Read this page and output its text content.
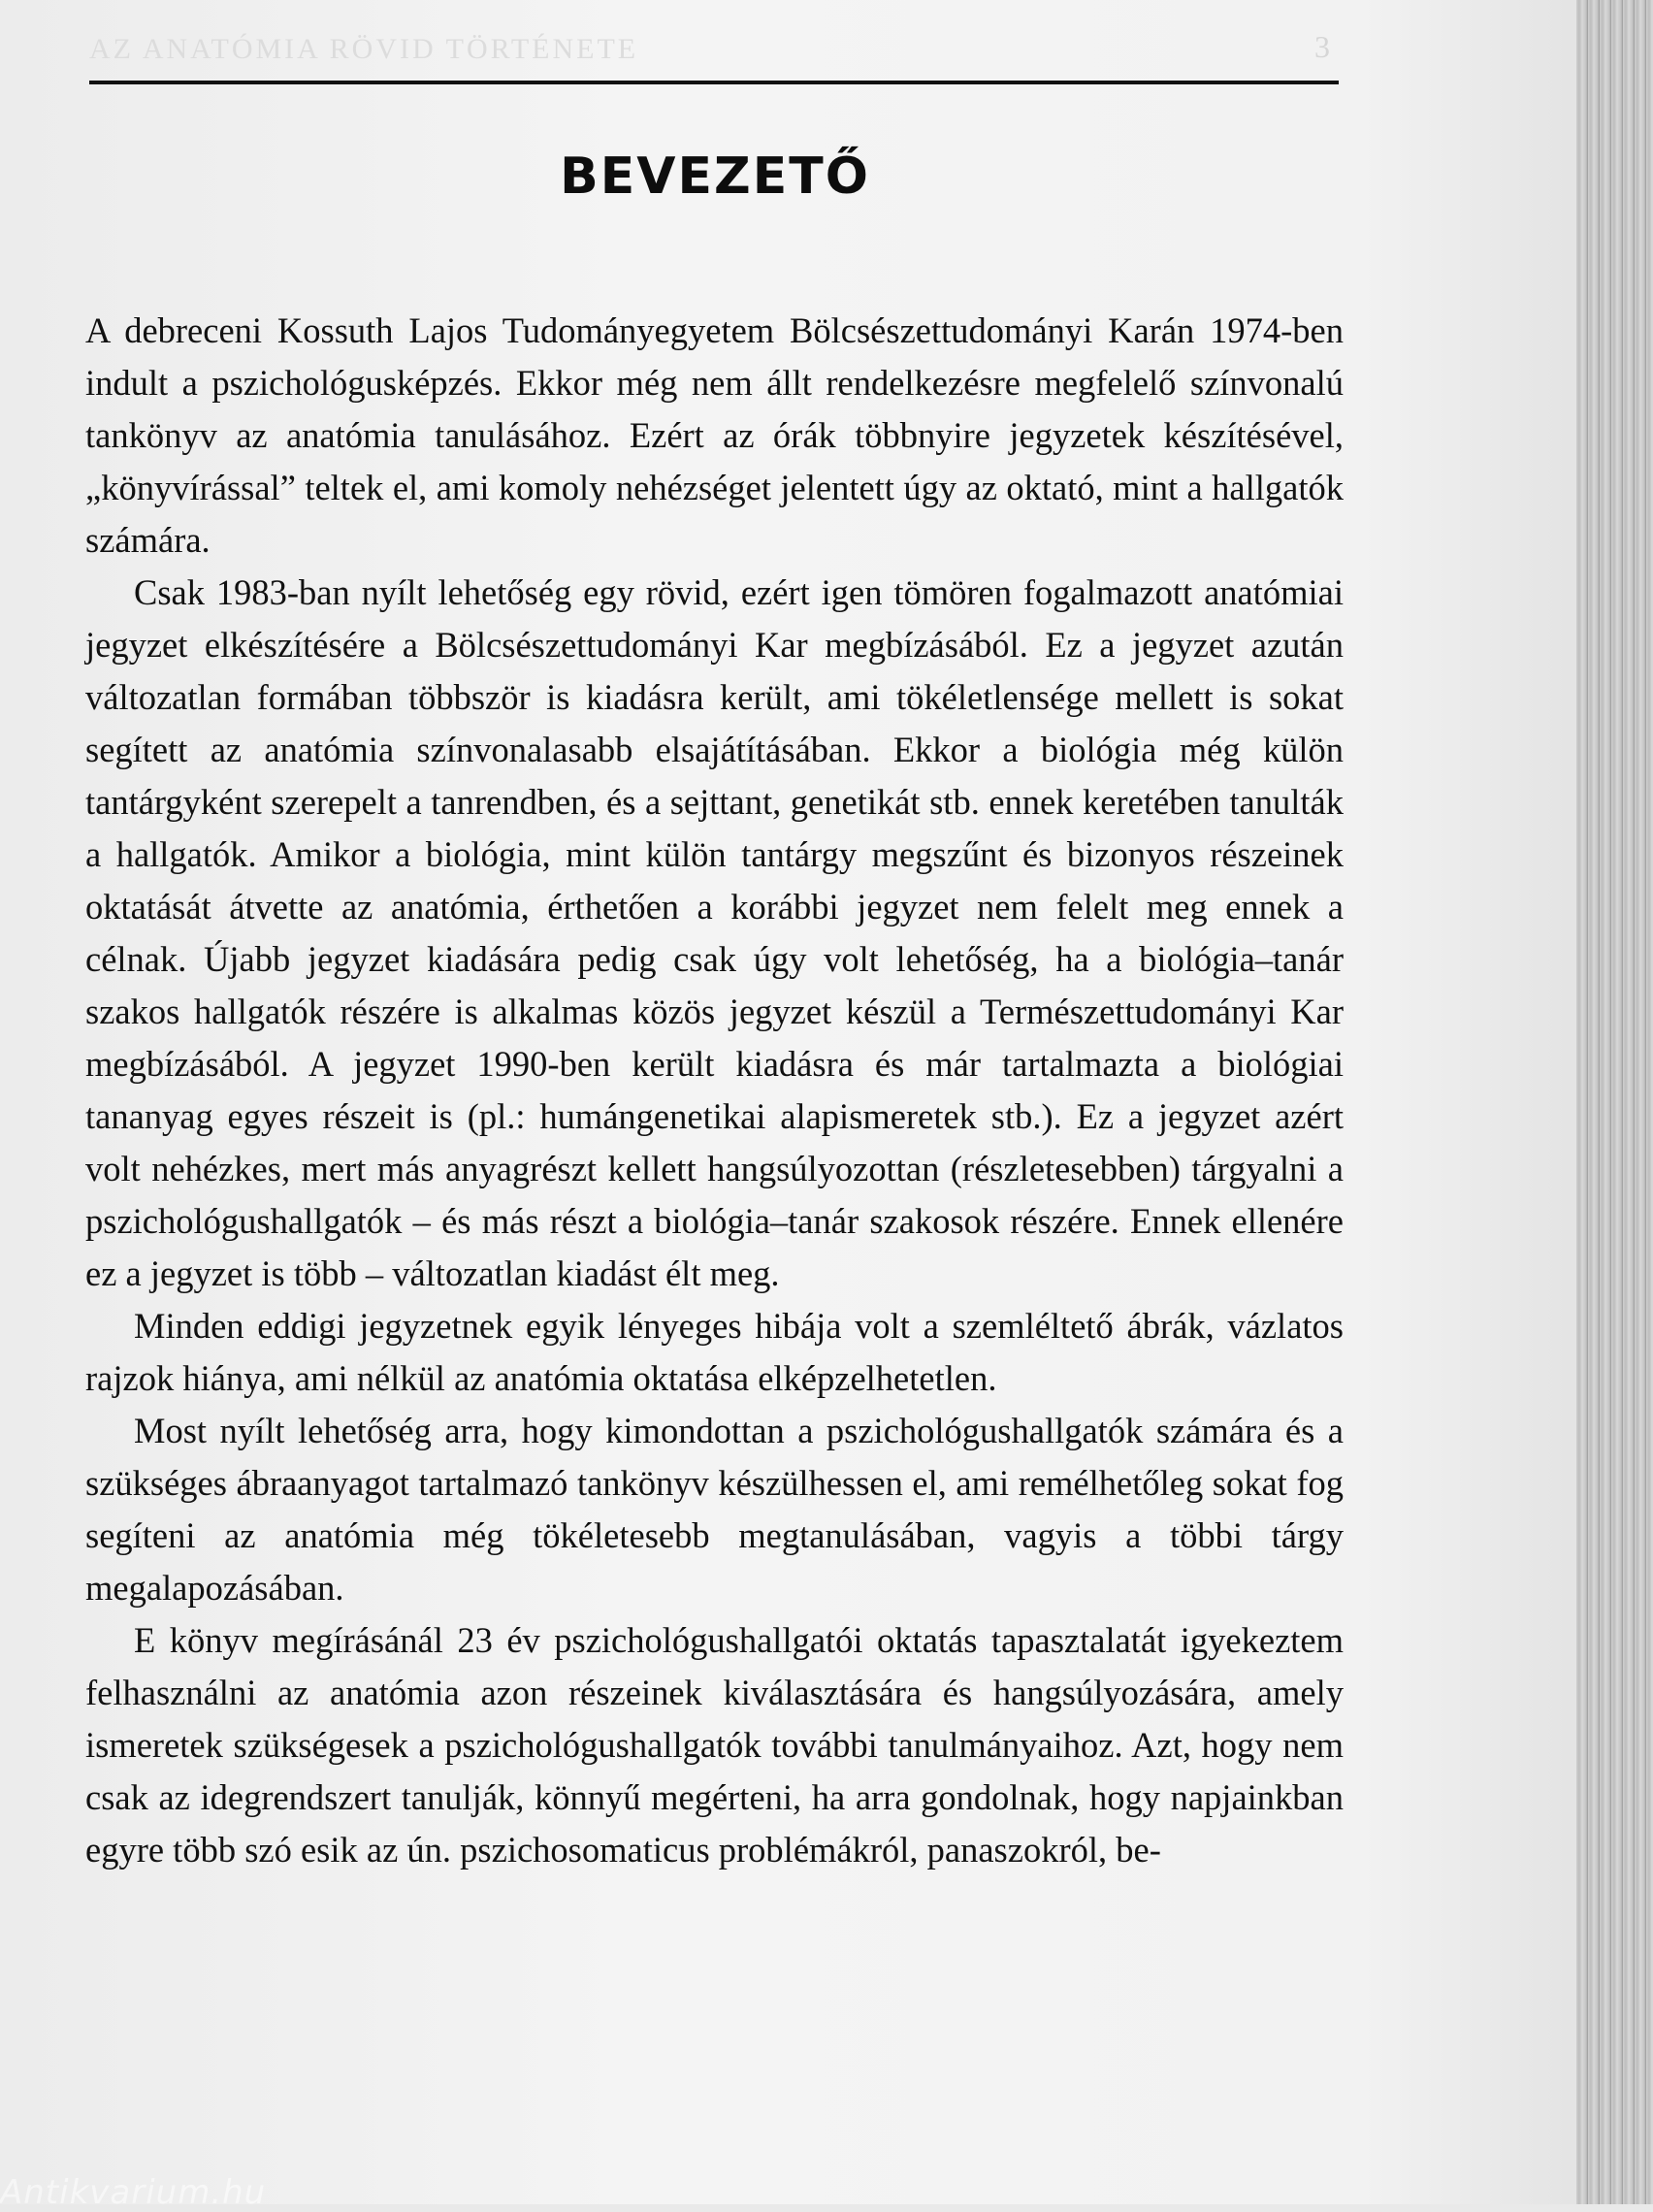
AZ ANATÓMIA RÖVID TÖRTÉNETE	3
BEVEZETŐ

A debreceni Kossuth Lajos Tudományegyetem Bölcsészettudományi Karán 1974-ben indult a pszichológusképzés. Ekkor még nem állt rendelkezésre megfelelő színvonalú tankönyv az anatómia tanulásához. Ezért az órák többnyire jegyzetek készítésével, „könyvírással” teltek el, ami komoly nehézséget jelentett úgy az oktató, mint a hallgatók számára.

Csak 1983-ban nyílt lehetőség egy rövid, ezért igen tömören fogalmazott anatómiai jegyzet elkészítésére a Bölcsészettudományi Kar megbízásából. Ez a jegyzet azután változatlan formában többször is kiadásra került, ami tökéletlensége mellett is sokat segített az anatómia színvonalasabb elsajátításában. Ekkor a biológia még külön tantárgyként szerepelt a tanrendben, és a sejttant, genetikát stb. ennek keretében tanulták a hallgatók. Amikor a biológia, mint külön tantárgy megszűnt és bizonyos részeinek oktatását átvette az anatómia, érthetően a korábbi jegyzet nem felelt meg ennek a célnak. Újabb jegyzet kiadására pedig csak úgy volt lehetőség, ha a biológia–tanár szakos hallgatók részére is alkalmas közös jegyzet készül a Természettudományi Kar megbízásából. A jegyzet 1990-ben került kiadásra és már tartalmazta a biológiai tananyag egyes részeit is (pl.: humángenetikai alapismeretek stb.). Ez a jegyzet azért volt nehézkes, mert más anyagrészt kellett hangsúlyozottan (részletesebben) tárgyalni a pszichológushallgatók – és más részt a biológia–tanár szakosok részére. Ennek ellenére ez a jegyzet is több – változatlan kiadást élt meg.

Minden eddigi jegyzetnek egyik lényeges hibája volt a szemléltető ábrák, vázlatos rajzok hiánya, ami nélkül az anatómia oktatása elképzelhetetlen.

Most nyílt lehetőség arra, hogy kimondottan a pszichológushallgatók számára és a szükséges ábraanyagot tartalmazó tankönyv készülhessen el, ami remélhetőleg sokat fog segíteni az anatómia még tökéletesebb megtanulásában, vagyis a többi tárgy megalapozásában.

E könyv megírásánál 23 év pszichológushallgatói oktatás tapasztalatát igyekeztem felhasználni az anatómia azon részeinek kiválasztására és hangsúlyozására, amely ismeretek szükségesek a pszichológushallgatók további tanulmányaihoz. Azt, hogy nem csak az idegrendszert tanulják, könnyű megérteni, ha arra gondolnak, hogy napjainkban egyre több szó esik az ún. pszichosomaticus problémákról, panaszokról, be-

Antikvarium.hu
